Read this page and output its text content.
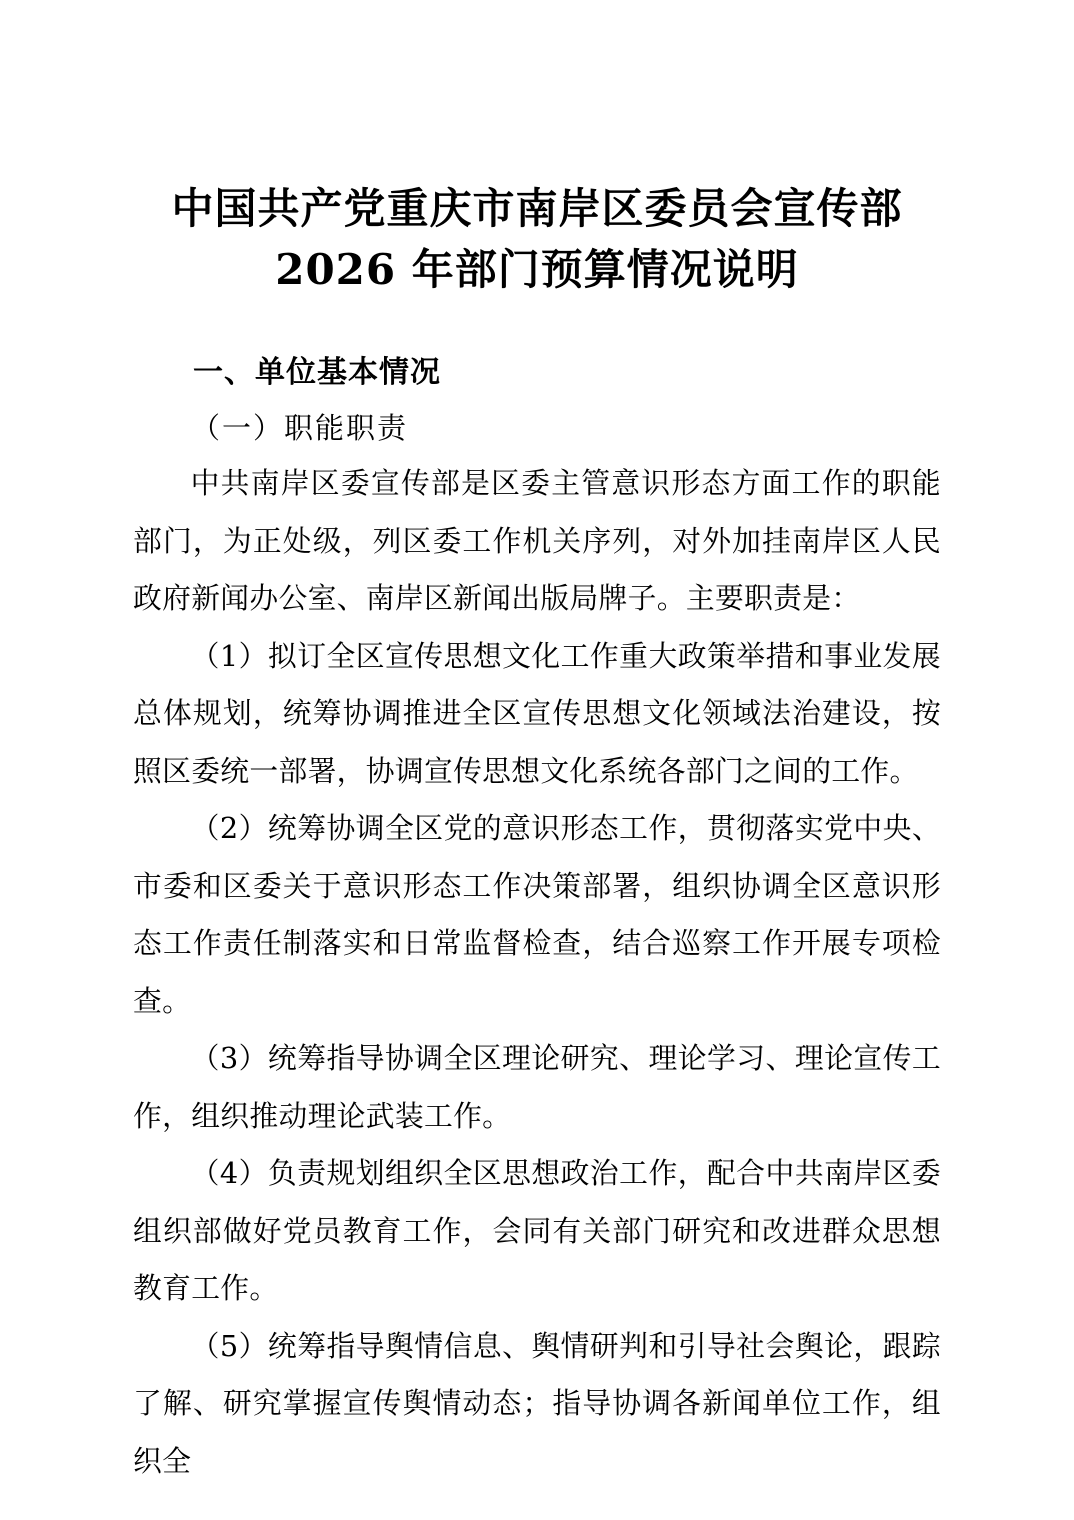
中国共产党重庆市南岸区委员会宣传部
2026 年部门预算情况说明
一、单位基本情况
（一）职能职责

中共南岸区委宣传部是区委主管意识形态方面工作的职能部门，为正处级，列区委工作机关序列，对外加挂南岸区人民政府新闻办公室、南岸区新闻出版局牌子。主要职责是：

（1）拟订全区宣传思想文化工作重大政策举措和事业发展总体规划，统筹协调推进全区宣传思想文化领域法治建设，按照区委统一部署，协调宣传思想文化系统各部门之间的工作。

（2）统筹协调全区党的意识形态工作，贯彻落实党中央、市委和区委关于意识形态工作决策部署，组织协调全区意识形态工作责任制落实和日常监督检查，结合巡察工作开展专项检查。

（3）统筹指导协调全区理论研究、理论学习、理论宣传工作，组织推动理论武装工作。

（4）负责规划组织全区思想政治工作，配合中共南岸区委组织部做好党员教育工作，会同有关部门研究和改进群众思想教育工作。

（5）统筹指导舆情信息、舆情研判和引导社会舆论，跟踪了解、研究掌握宣传舆情动态；指导协调各新闻单位工作，组织全
